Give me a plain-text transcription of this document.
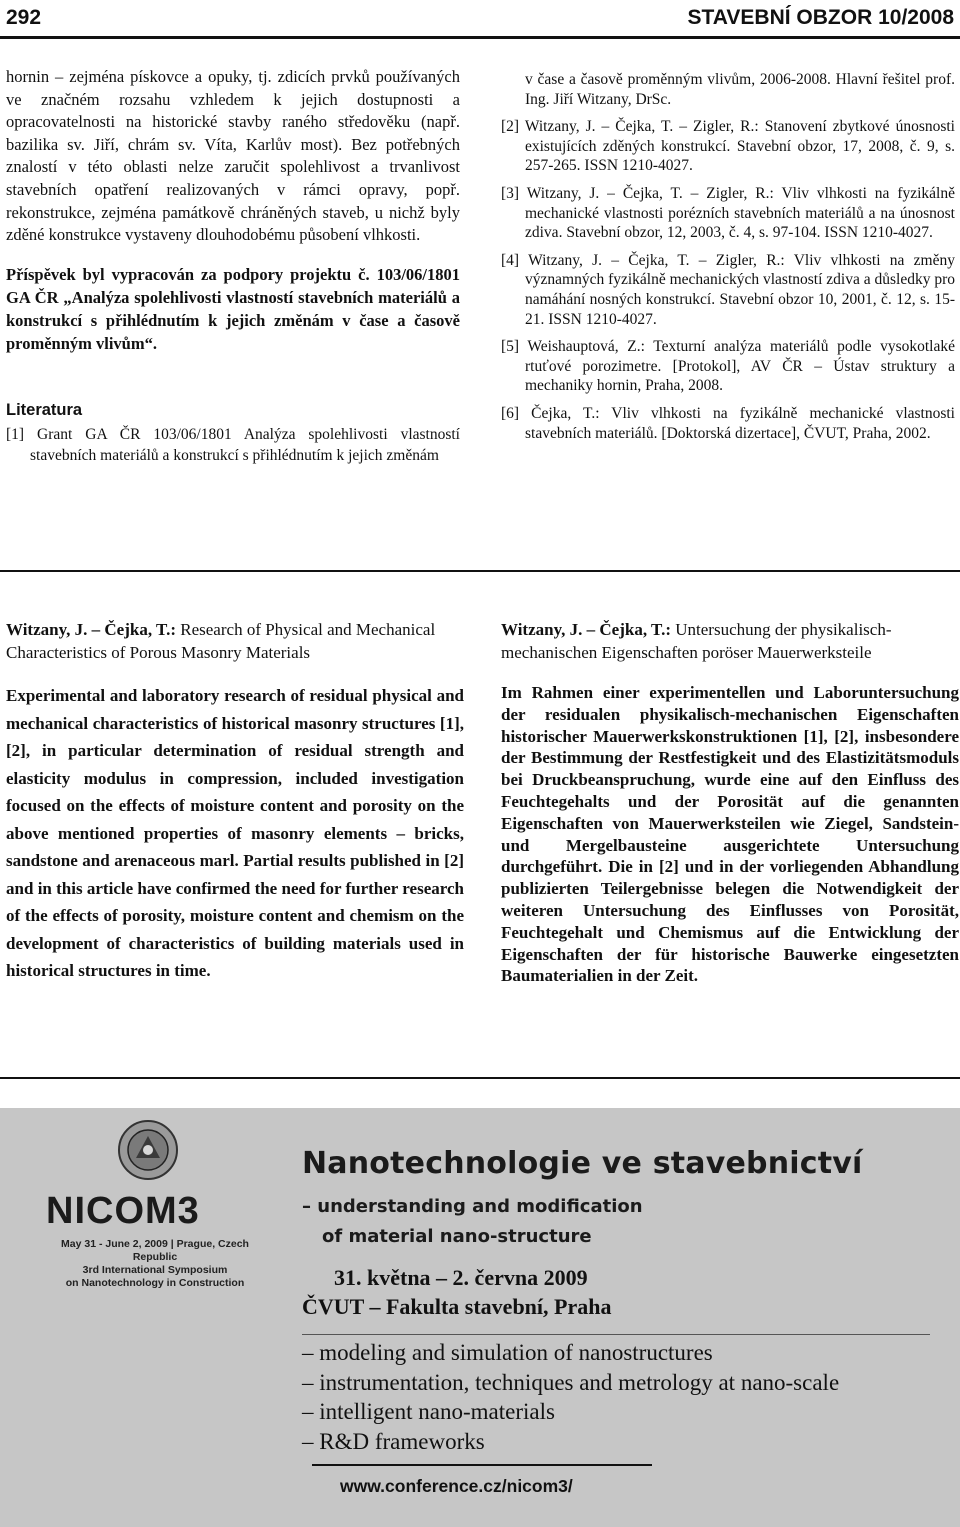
292	STAVEBNÍ OBZOR 10/2008
hornin – zejména pískovce a opuky, tj. zdicích prvků používaných ve značném rozsahu vzhledem k jejich dostupnosti a opracovatelnosti na historické stavby raného středověku (např. bazilika sv. Jiří, chrám sv. Víta, Karlův most). Bez potřebných znalostí v této oblasti nelze zaručit spolehlivost a trvanlivost stavebních opatření realizovaných v rámci opravy, popř. rekonstrukce, zejména památkově chráněných staveb, u nichž byly zděné konstrukce vystaveny dlouhodobému působení vlhkosti.
Příspěvek byl vypracován za podpory projektu č. 103/06/1801 GA ČR „Analýza spolehlivosti vlastností stavebních materiálů a konstrukcí s přihlédnutím k jejich změnám v čase a časově proměnným vlivům“.
Literatura
[1] Grant GA ČR 103/06/1801 Analýza spolehlivosti vlastností stavebních materiálů a konstrukcí s přihlédnutím k jejich změnám
v čase a časově proměnným vlivům, 2006-2008. Hlavní řešitel prof. Ing. Jiří Witzany, DrSc.
[2] Witzany, J. – Čejka, T. – Zigler, R.: Stanovení zbytkové únosnosti existujících zděných konstrukcí. Stavební obzor, 17, 2008, č. 9, s. 257-265. ISSN 1210-4027.
[3] Witzany, J. – Čejka, T. – Zigler, R.: Vliv vlhkosti na fyzikálně mechanické vlastnosti porézních stavebních materiálů a na únosnost zdiva. Stavební obzor, 12, 2003, č. 4, s. 97-104. ISSN 1210-4027.
[4] Witzany, J. – Čejka, T. – Zigler, R.: Vliv vlhkosti na změny významných fyzikálně mechanických vlastností zdiva a důsledky pro namáhání nosných konstrukcí. Stavební obzor 10, 2001, č. 12, s. 15-21. ISSN 1210-4027.
[5] Weishauptová, Z.: Texturní analýza materiálů podle vysokotlaké rtuťové porozimetre. [Protokol], AV ČR – Ústav struktury a mechaniky hornin, Praha, 2008.
[6] Čejka, T.: Vliv vlhkosti na fyzikálně mechanické vlastnosti stavebních materiálů. [Doktorská dizertace], ČVUT, Praha, 2002.
Witzany, J. – Čejka, T.: Research of Physical and Mechanical Characteristics of Porous Masonry Materials
Experimental and laboratory research of residual physical and mechanical characteristics of historical masonry structures [1], [2], in particular determination of residual strength and elasticity modulus in compression, included investigation focused on the effects of moisture content and porosity on the above mentioned properties of masonry elements – bricks, sandstone and arenaceous marl. Partial results published in [2] and in this article have confirmed the need for further research of the effects of porosity, moisture content and chemism on the development of characteristics of building materials used in historical structures in time.
Witzany, J. – Čejka, T.: Untersuchung der physikalisch-mechanischen Eigenschaften poröser Mauerwerksteile
Im Rahmen einer experimentellen und Laboruntersuchung der residualen physikalisch-mechanischen Eigenschaften historischer Mauerwerkskonstruktionen [1], [2], insbesondere der Bestimmung der Restfestigkeit und des Elastizitätsmoduls bei Druckbeanspruchung, wurde eine auf den Einfluss des Feuchtegehalts und der Porosität auf die genannten Eigenschaften von Mauerwerksteilen wie Ziegel, Sandstein- und Mergelbausteine ausgerichtete Untersuchung durchgeführt. Die in [2] und in der vorliegenden Abhandlung publizierten Teilergebnisse belegen die Notwendigkeit der weiteren Untersuchung des Einflusses von Porosität, Feuchtegehalt und Chemismus auf die Entwicklung der Eigenschaften der für historische Bauwerke eingesetzten Baumaterialien in der Zeit.
NICOM3
May 31 - June 2, 2009 | Prague, Czech Republic
3rd International Symposium
on Nanotechnology in Construction
Nanotechnologie ve stavebnictví
– understanding and modification
of material nano-structure
31. května – 2. června 2009
ČVUT – Fakulta stavební, Praha
– modeling and simulation of nanostructures
– instrumentation, techniques and metrology at nano-scale
– intelligent nano-materials
– R&D frameworks
www.conference.cz/nicom3/
